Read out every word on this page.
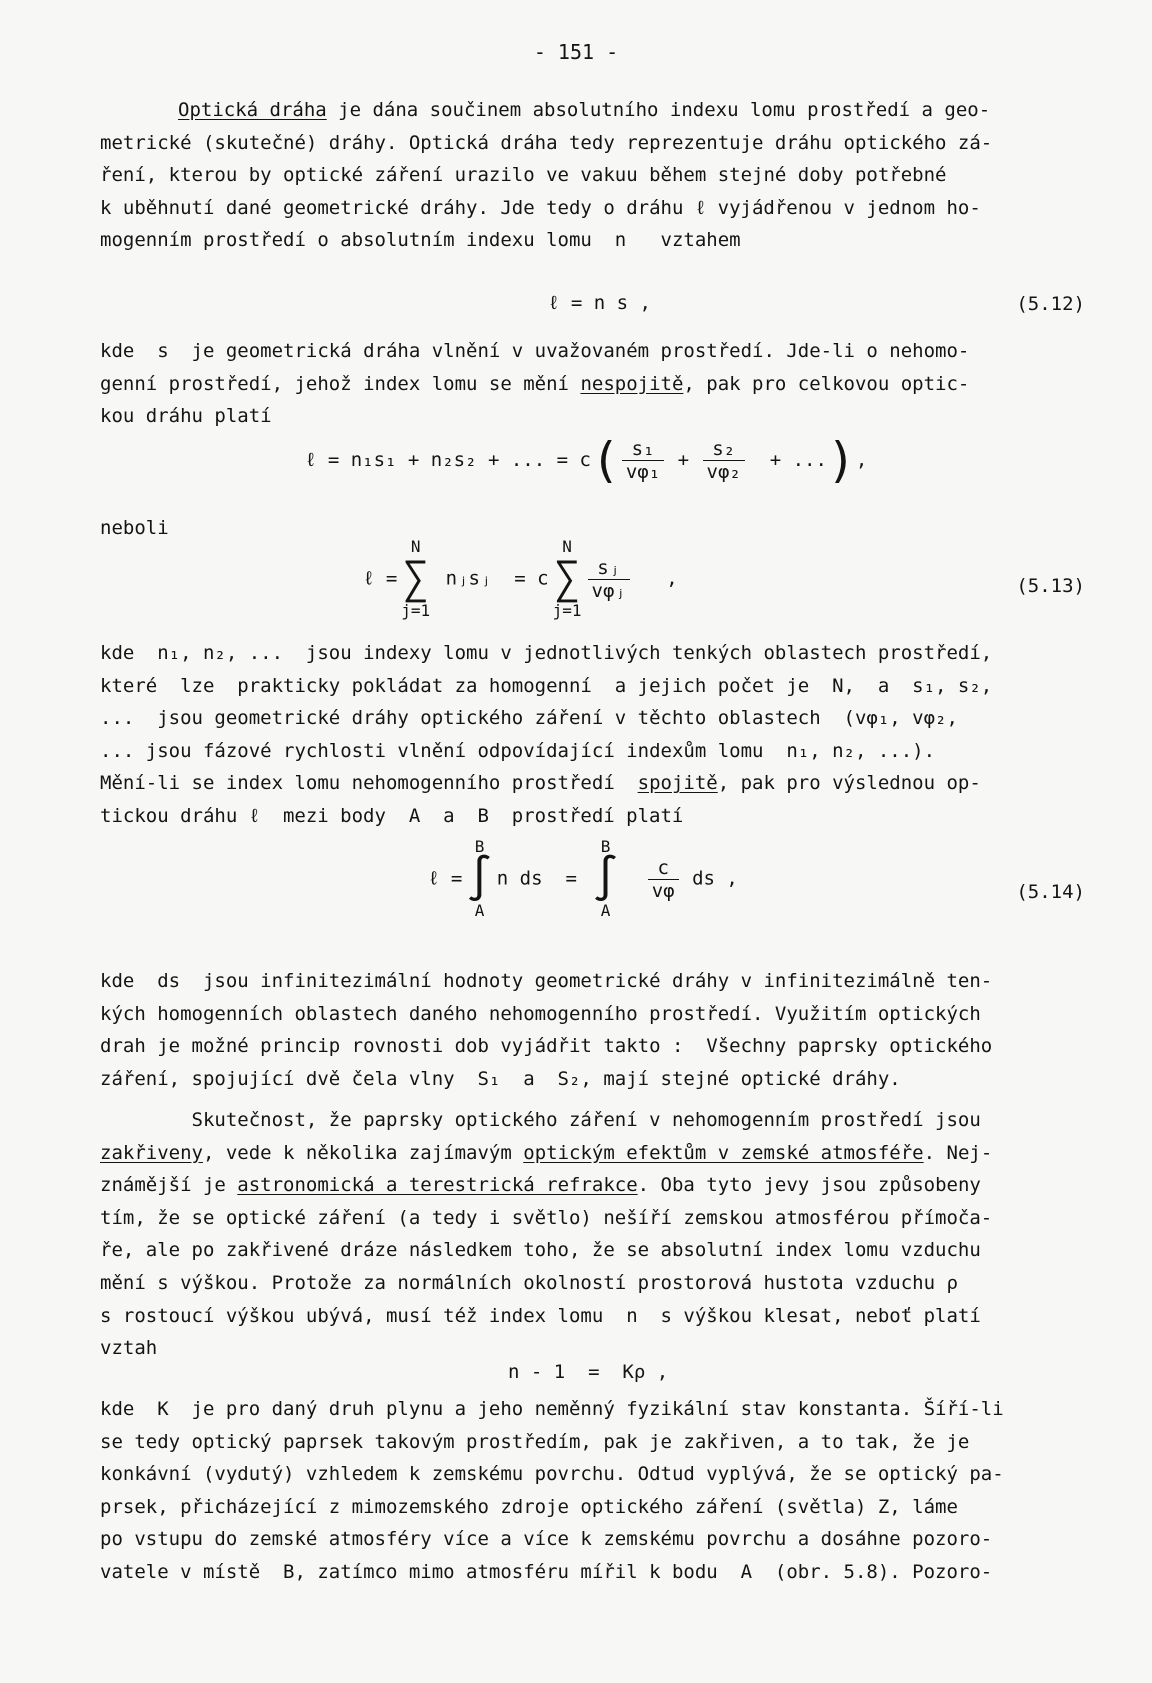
- 151 -
Optická dráha je dána součinem absolutního indexu lomu prostředí a geo-
metrické (skutečné) dráhy. Optická dráha tedy reprezentuje dráhu optického zá-
ření, kterou by optické záření urazilo ve vakuu během stejné doby potřebné
k uběhnutí dané geometrické dráhy. Jde tedy o dráhu ℓ vyjádřenou v jednom ho-
mogenním prostředí o absolutním indexu lomu  n   vztahem
ℓ = n s ,	(5.12)
kde  s  je geometrická dráha vlnění v uvažovaném prostředí. Jde-li o nehomo-
genní prostředí, jehož index lomu se mění nespojitě, pak pro celkovou optic-
kou dráhu platí
ℓ = n₁s₁ + n₂s₂ + ... = $c( \frac{\text{s₁}}{\text{vφ₁}} + \frac{\text{s₂}}{\text{vφ₂}}$ + ...),
neboli
ℓ =
N
∑
j=1
nⱼsⱼ = c
N
∑
j=1
$\frac{\text{sⱼ}}{\text{vφⱼ}}$ ,	(5.13)
kde  n₁, n₂, ...  jsou indexy lomu v jednotlivých tenkých oblastech prostředí,
které  lze  prakticky pokládat za homogenní  a jejich počet je  N,  a  s₁, s₂,
...  jsou geometrické dráhy optického záření v těchto oblastech  (vφ₁, vφ₂,
... jsou fázové rychlosti vlnění odpovídající indexům lomu  n₁, n₂, ...).
Mění-li se index lomu nehomogenního prostředí  spojitě, pak pro výslednou op-
tickou dráhu ℓ  mezi body  A  a  B  prostředí platí
ℓ =
B
∫
A
n ds =
B
∫
A

$\frac{c}{v\varphi}$ ds ,
(5.14)
kde  ds  jsou infinitezimální hodnoty geometrické dráhy v infinitezimálně ten-
kých homogenních oblastech daného nehomogenního prostředí. Využitím optických
drah je možné princip rovnosti dob vyjádřit takto :  Všechny paprsky optického
záření, spojující dvě čela vlny  S₁  a  S₂, mají stejné optické dráhy.
Skutečnost, že paprsky optického záření v nehomogenním prostředí jsou
zakřiveny, vede k několika zajímavým optickým efektům v zemské atmosféře. Nej-
známější je astronomická a terestrická refrakce. Oba tyto jevy jsou způsobeny
tím, že se optické záření (a tedy i světlo) nešíří zemskou atmosférou přímoča-
ře, ale po zakřivené dráze následkem toho, že se absolutní index lomu vzduchu
mění s výškou. Protože za normálních okolností prostorová hustota vzduchu ρ
s rostoucí výškou ubývá, musí též index lomu  n  s výškou klesat, neboť platí
vztah
n - 1  =  Kρ ,
kde  K  je pro daný druh plynu a jeho neměnný fyzikální stav konstanta. Šíří-li
se tedy optický paprsek takovým prostředím, pak je zakřiven, a to tak, že je
konkávní (vydutý) vzhledem k zemskému povrchu. Odtud vyplývá, že se optický pa-
prsek, přicházející z mimozemského zdroje optického záření (světla) Z, láme
po vstupu do zemské atmosféry více a více k zemskému povrchu a dosáhne pozoro-
vatele v místě  B, zatímco mimo atmosféru mířil k bodu  A  (obr. 5.8). Pozoro-
